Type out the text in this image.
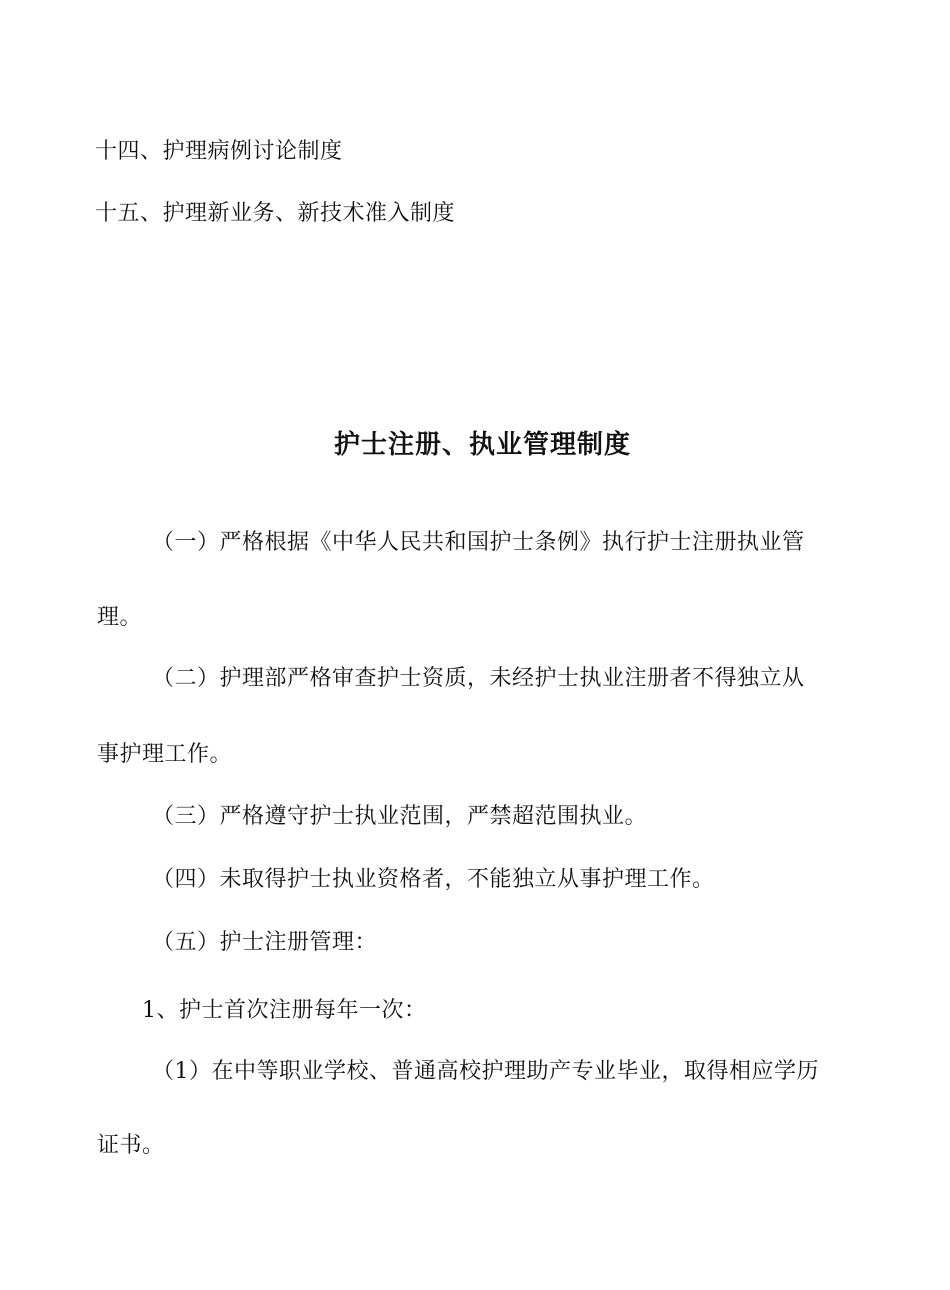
十四、护理病例讨论制度
十五、护理新业务、新技术准入制度
护士注册、执业管理制度
（一）严格根据《中华人民共和国护士条例》执行护士注册执业管
理。
（二）护理部严格审查护士资质，未经护士执业注册者不得独立从
事护理工作。
（三）严格遵守护士执业范围，严禁超范围执业。
（四）未取得护士执业资格者，不能独立从事护理工作。
（五）护士注册管理：
1、护士首次注册每年一次：
（1）在中等职业学校、普通高校护理助产专业毕业，取得相应学历
证书。
